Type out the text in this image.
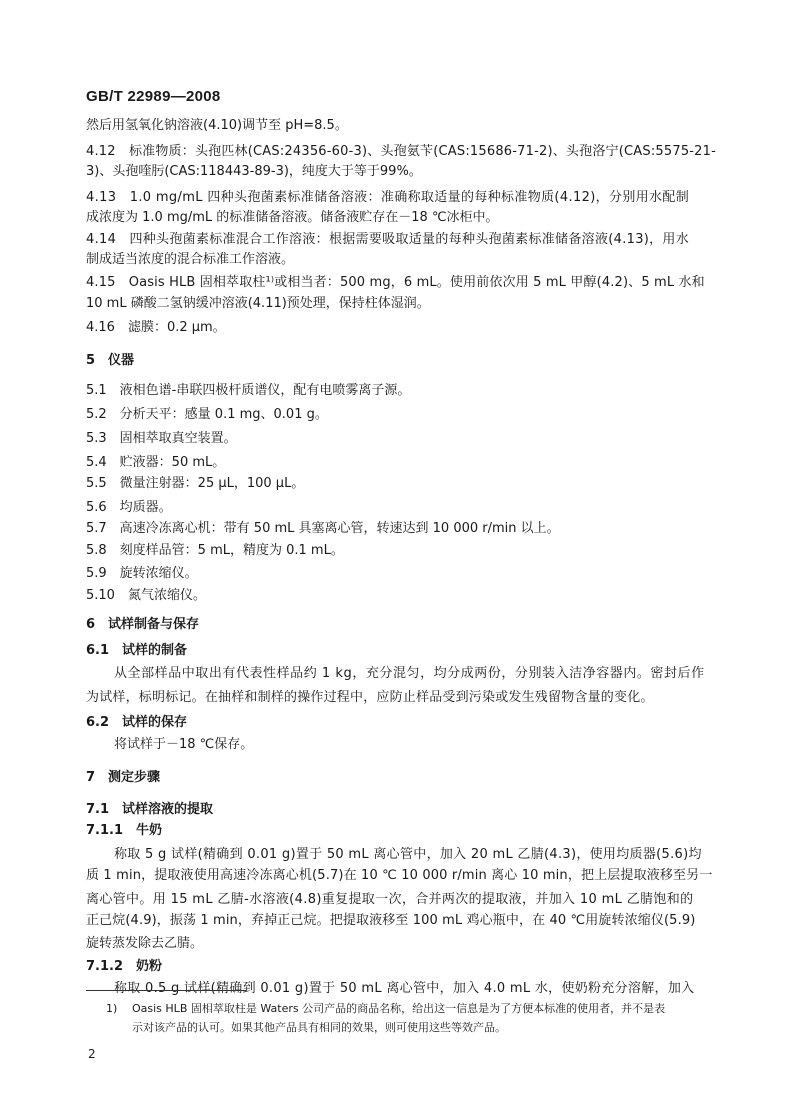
GB/T 22989—2008
然后用氢氧化钠溶液(4.10)调节至 pH=8.5。
4.12　标准物质：头孢匹林(CAS:24356-60-3)、头孢氨苄(CAS:15686-71-2)、头孢洛宁(CAS:5575-21-
3)、头孢喹肟(CAS:118443-89-3)，纯度大于等于99%。
4.13　1.0 mg/mL 四种头孢菌素标准储备溶液：准确称取适量的每种标准物质(4.12)，分别用水配制
成浓度为 1.0 mg/mL 的标准储备溶液。储备液贮存在－18 ℃冰柜中。
4.14　四种头孢菌素标准混合工作溶液：根据需要吸取适量的每种头孢菌素标准储备溶液(4.13)，用水
制成适当浓度的混合标准工作溶液。
4.15　Oasis HLB 固相萃取柱¹⁾或相当者：500 mg，6 mL。使用前依次用 5 mL 甲醇(4.2)、5 mL 水和
10 mL 磷酸二氢钠缓冲溶液(4.11)预处理，保持柱体湿润。
4.16　滤膜：0.2 μm。
5　仪器
5.1　液相色谱-串联四极杆质谱仪，配有电喷雾离子源。
5.2　分析天平：感量 0.1 mg、0.01 g。
5.3　固相萃取真空装置。
5.4　贮液器：50 mL。
5.5　微量注射器：25 μL，100 μL。
5.6　均质器。
5.7　高速冷冻离心机：带有 50 mL 具塞离心管，转速达到 10 000 r/min 以上。
5.8　刻度样品管：5 mL，精度为 0.1 mL。
5.9　旋转浓缩仪。
5.10　氮气浓缩仪。
6　试样制备与保存
6.1　试样的制备
从全部样品中取出有代表性样品约 1 kg，充分混匀，均分成两份，分别装入洁净容器内。密封后作
为试样，标明标记。在抽样和制样的操作过程中，应防止样品受到污染或发生残留物含量的变化。
6.2　试样的保存
将试样于－18 ℃保存。
7　测定步骤
7.1　试样溶液的提取
7.1.1　牛奶
称取 5 g 试样(精确到 0.01 g)置于 50 mL 离心管中，加入 20 mL 乙腈(4.3)，使用均质器(5.6)均
质 1 min，提取液使用高速冷冻离心机(5.7)在 10 ℃ 10 000 r/min 离心 10 min，把上层提取液移至另一
离心管中。用 15 mL 乙腈-水溶液(4.8)重复提取一次，合并两次的提取液，并加入 10 mL 乙腈饱和的
正己烷(4.9)，振荡 1 min，弃掉正己烷。把提取液移至 100 mL 鸡心瓶中，在 40 ℃用旋转浓缩仪(5.9)
旋转蒸发除去乙腈。
7.1.2　奶粉
称取 0.5 g 试样(精确到 0.01 g)置于 50 mL 离心管中，加入 4.0 mL 水，使奶粉充分溶解，加入
1) Oasis HLB 固相萃取柱是 Waters 公司产品的商品名称，给出这一信息是为了方便本标准的使用者，并不是表
示对该产品的认可。如果其他产品具有相同的效果，则可使用这些等效产品。
2
